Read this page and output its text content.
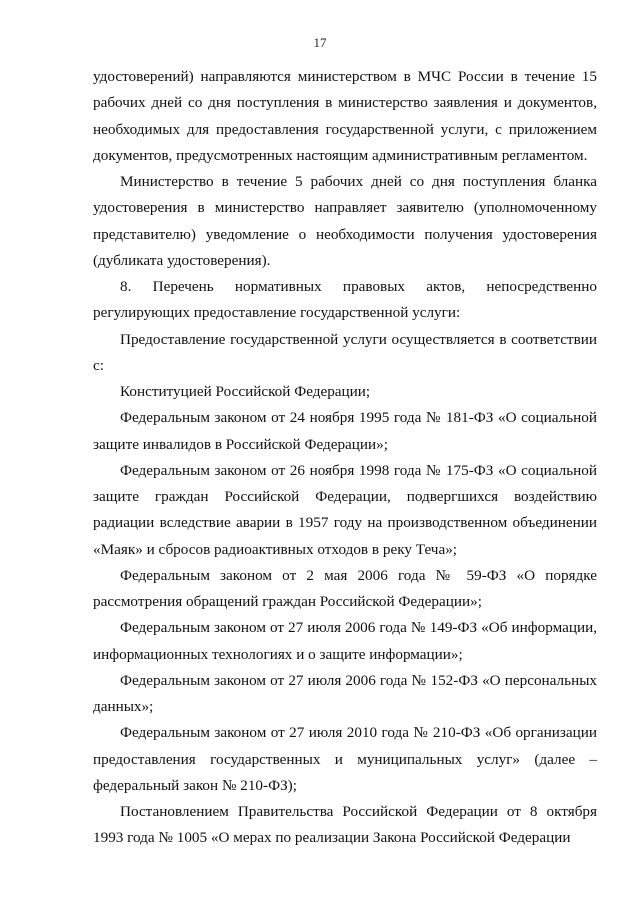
17

удостоверений) направляются министерством в МЧС России в течение 15 рабочих дней со дня поступления в министерство заявления и документов, необходимых для предоставления государственной услуги, с приложением документов, предусмотренных настоящим административным регламентом.

Министерство в течение 5 рабочих дней со дня поступления бланка удостоверения в министерство направляет заявителю (уполномоченному представителю) уведомление о необходимости получения удостоверения (дубликата удостоверения).

8. Перечень нормативных правовых актов, непосредственно регулирующих предоставление государственной услуги:

Предоставление государственной услуги осуществляется в соответствии с:

Конституцией Российской Федерации;

Федеральным законом от 24 ноября 1995 года № 181-ФЗ «О социальной защите инвалидов в Российской Федерации»;

Федеральным законом от 26 ноября 1998 года № 175-ФЗ «О социальной защите граждан Российской Федерации, подвергшихся воздействию радиации вследствие аварии в 1957 году на производственном объединении «Маяк» и сбросов радиоактивных отходов в реку Теча»;

Федеральным законом от 2 мая 2006 года № 59-ФЗ «О порядке рассмотрения обращений граждан Российской Федерации»;

Федеральным законом от 27 июля 2006 года № 149-ФЗ «Об информации, информационных технологиях и о защите информации»;

Федеральным законом от 27 июля 2006 года № 152-ФЗ «О персональных данных»;

Федеральным законом от 27 июля 2010 года № 210-ФЗ «Об организации предоставления государственных и муниципальных услуг» (далее – федеральный закон № 210-ФЗ);

Постановлением Правительства Российской Федерации от 8 октября 1993 года № 1005 «О мерах по реализации Закона Российской Федерации
